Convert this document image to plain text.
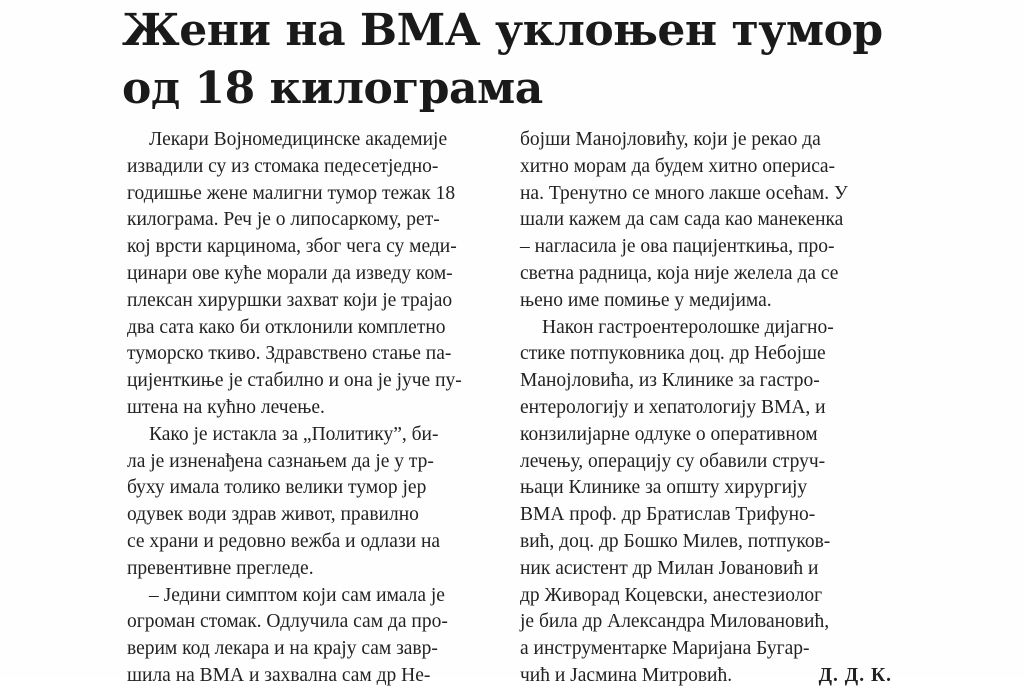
Жени на ВМА уклоњен тумор
од 18 килограма
Лекари Војномедицинске академије
извадили су из стомака педесетједно-
годишње жене малигни тумор тежак 18
килограма. Реч је о липосаркому, рет-
кој врсти карцинома, због чега су меди-
цинари ове куће морали да изведу ком-
плексан хируршки захват који је трајао
два сата како би отклонили комплетно
туморско ткиво. Здравствено стање па-
цијенткиње је стабилно и она је јуче пу-
штена на кућно лечење.
Како је истакла за „Политику”, би-
ла је изненађена сазнањем да је у тр-
буху имала толико велики тумор јер
одувек води здрав живот, правилно
се храни и редовно вежба и одлази на
превентивне прегледе.
– Једини симптом који сам имала је
огроман стомак. Одлучила сам да про-
верим код лекара и на крају сам завр-
шила на ВМА и захвална сам др Не-
бојши Манојловићу, који је рекао да
хитно морам да будем хитно оперисa-
на. Тренутно се много лакше осећам. У
шали кажем да сам сада као манекенка
– нагласила је ова пацијенткиња, про-
светна радница, која није желела да се
њено име помиње у медијима.
Након гастроентеролошке дијагно-
стике потпуковника доц. др Небојше
Манојловића, из Клинике за гастро-
ентерологију и хепатологију ВМА, и
конзилијарне одлуке о оперативном
лечењу, операцију су обавили струч-
њаци Клинике за општу хирургију
ВМА проф. др Братислав Трифуно-
вић, доц. др Бошко Милев, потпуков-
ник асистент др Милан Јовановић и
др Живорад Коцевски, анестезиолог
је била др Александра Миловановић,
а инструментарке Маријана Бугар-
чић и Јасмина Митровић.	Д. Д. К.
